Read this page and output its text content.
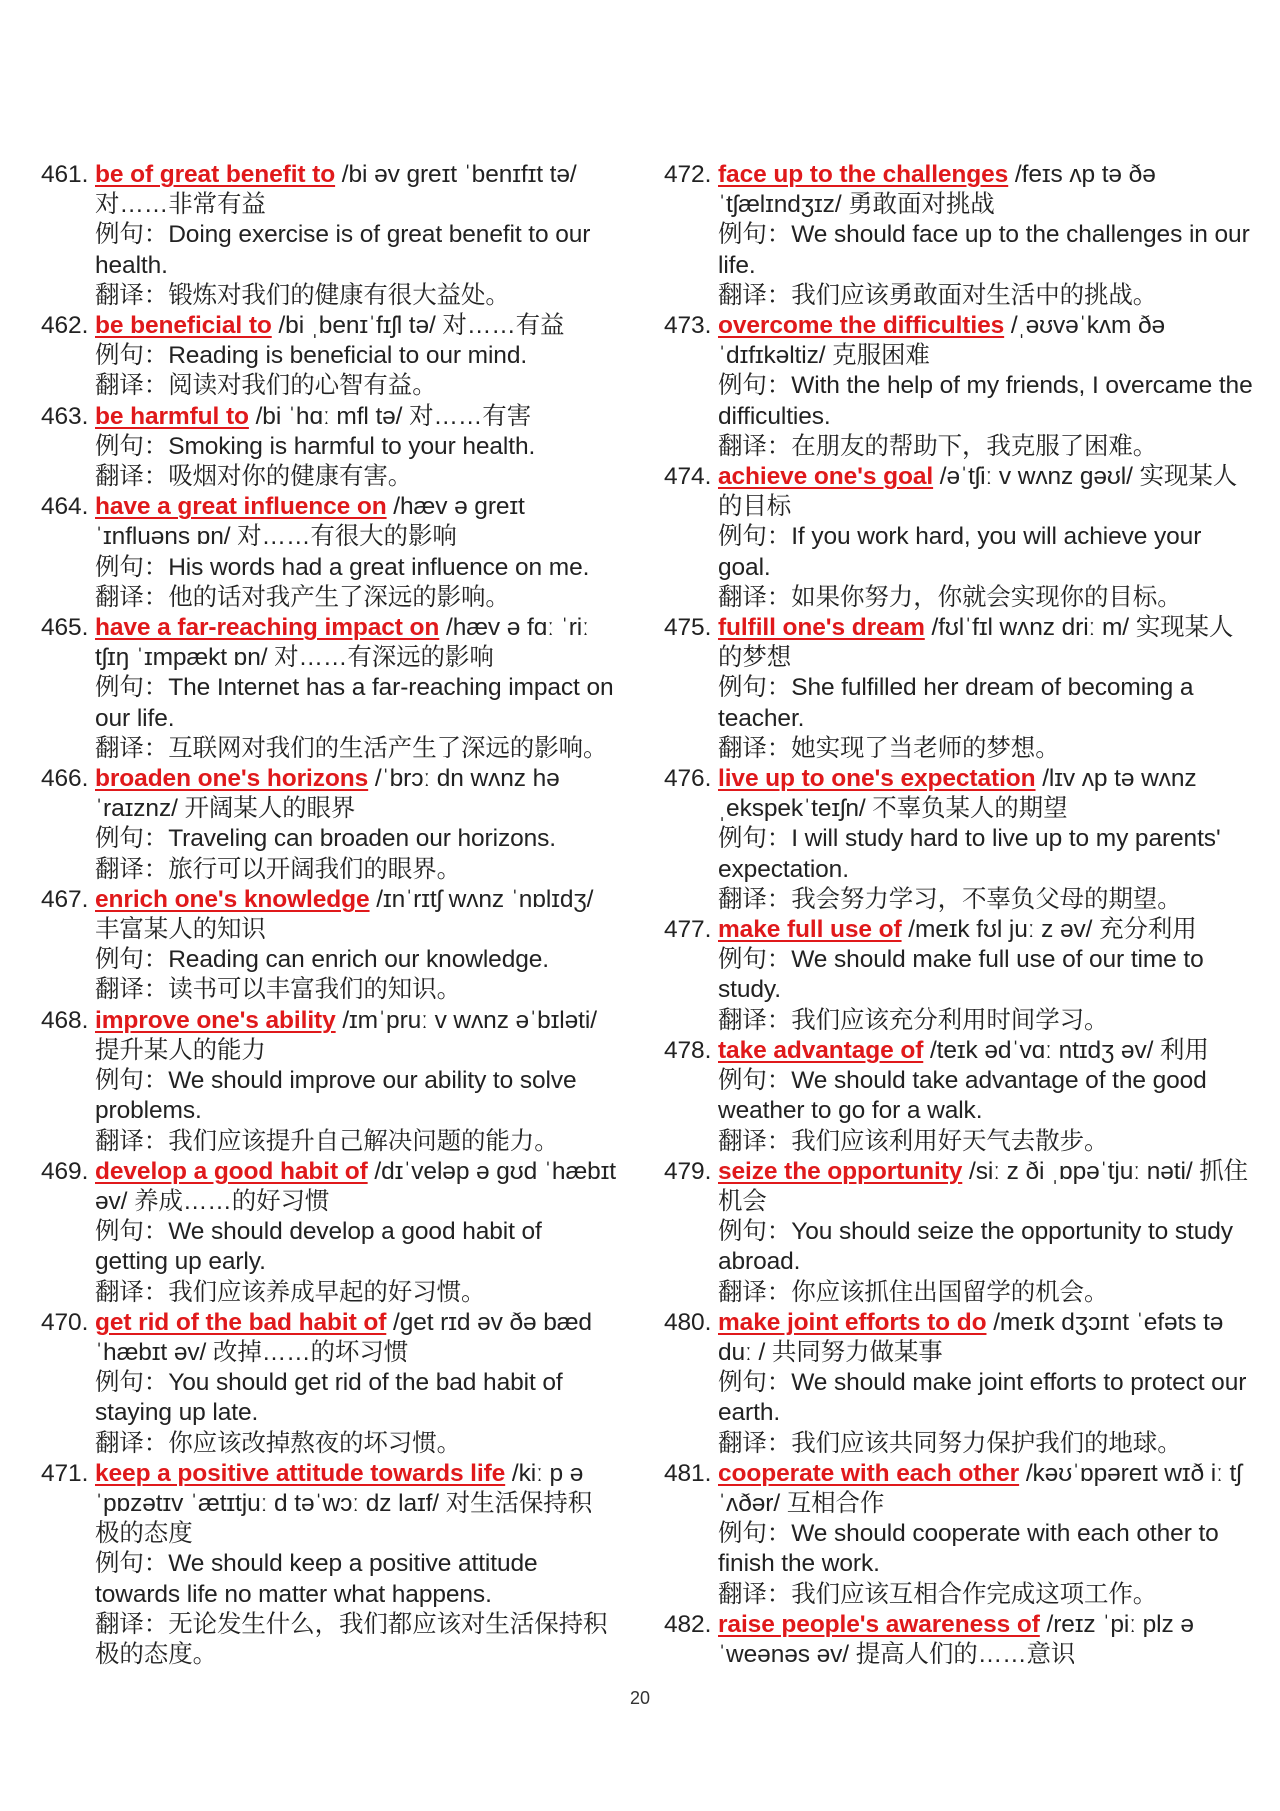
461. be of great benefit to /bi əv greɪt ˈbenɪfɪt tə/ 对……非常有益
例句：Doing exercise is of great benefit to our health.
翻译：锻炼对我们的健康有很大益处。
462. be beneficial to /bi ˌbenɪˈfɪʃl tə/ 对……有益
例句：Reading is beneficial to our mind.
翻译：阅读对我们的心智有益。
463. be harmful to /bi ˈhɑː mfl tə/ 对……有害
例句：Smoking is harmful to your health.
翻译：吸烟对你的健康有害。
464. have a great influence on /hæv ə greɪt ˈɪnfluəns ɒn/ 对……有很大的影响
例句：His words had a great influence on me.
翻译：他的话对我产生了深远的影响。
465. have a far-reaching impact on /hæv ə fɑː ˈriː tʃɪŋ ˈɪmpækt ɒn/ 对……有深远的影响
例句：The Internet has a far-reaching impact on our life.
翻译：互联网对我们的生活产生了深远的影响。
466. broaden one's horizons /ˈbrɔː dn wʌnz həˈraɪznz/ 开阔某人的眼界
例句：Traveling can broaden our horizons.
翻译：旅行可以开阔我们的眼界。
467. enrich one's knowledge /ɪnˈrɪtʃ wʌnz ˈnɒlɪdʒ/ 丰富某人的知识
例句：Reading can enrich our knowledge.
翻译：读书可以丰富我们的知识。
468. improve one's ability /ɪmˈpruː v wʌnz əˈbɪləti/ 提升某人的能力
例句：We should improve our ability to solve problems.
翻译：我们应该提升自己解决问题的能力。
469. develop a good habit of /dɪˈveləp ə gʊd ˈhæbɪt əv/ 养成……的好习惯
例句：We should develop a good habit of getting up early.
翻译：我们应该养成早起的好习惯。
470. get rid of the bad habit of /get rɪd əv ðə bæd ˈhæbɪt əv/ 改掉……的坏习惯
例句：You should get rid of the bad habit of staying up late.
翻译：你应该改掉熬夜的坏习惯。
471. keep a positive attitude towards life /kiː p ə ˈpɒzətɪv ˈætɪtjuː d təˈwɔː dz laɪf/ 对生活保持积极的态度
例句：We should keep a positive attitude towards life no matter what happens.
翻译：无论发生什么，我们都应该对生活保持积极的态度。
472. face up to the challenges /feɪs ʌp tə ðə ˈtʃælɪndʒɪz/ 勇敢面对挑战
例句：We should face up to the challenges in our life.
翻译：我们应该勇敢面对生活中的挑战。
473. overcome the difficulties /ˌəʊvəˈkʌm ðə ˈdɪfɪkəltiz/ 克服困难
例句：With the help of my friends, I overcame the difficulties.
翻译：在朋友的帮助下，我克服了困难。
474. achieve one's goal /əˈtʃiː v wʌnz gəʊl/ 实现某人的目标
例句：If you work hard, you will achieve your goal.
翻译：如果你努力，你就会实现你的目标。
475. fulfill one's dream /fʊlˈfɪl wʌnz driː m/ 实现某人的梦想
例句：She fulfilled her dream of becoming a teacher.
翻译：她实现了当老师的梦想。
476. live up to one's expectation /lɪv ʌp tə wʌnz ˌekspekˈteɪʃn/ 不辜负某人的期望
例句：I will study hard to live up to my parents' expectation.
翻译：我会努力学习，不辜负父母的期望。
477. make full use of /meɪk fʊl juː z əv/ 充分利用
例句：We should make full use of our time to study.
翻译：我们应该充分利用时间学习。
478. take advantage of /teɪk ədˈvɑː ntɪdʒ əv/ 利用
例句：We should take advantage of the good weather to go for a walk.
翻译：我们应该利用好天气去散步。
479. seize the opportunity /siː z ði ˌɒpəˈtjuː nəti/ 抓住机会
例句：You should seize the opportunity to study abroad.
翻译：你应该抓住出国留学的机会。
480. make joint efforts to do /meɪk dʒɔɪnt ˈefəts tə duː / 共同努力做某事
例句：We should make joint efforts to protect our earth.
翻译：我们应该共同努力保护我们的地球。
481. cooperate with each other /kəʊˈɒpəreɪt wɪð iː tʃ ˈʌðər/ 互相合作
例句：We should cooperate with each other to finish the work.
翻译：我们应该互相合作完成这项工作。
482. raise people's awareness of /reɪz ˈpiː plz əˈweənəs əv/ 提高人们的……意识
20
